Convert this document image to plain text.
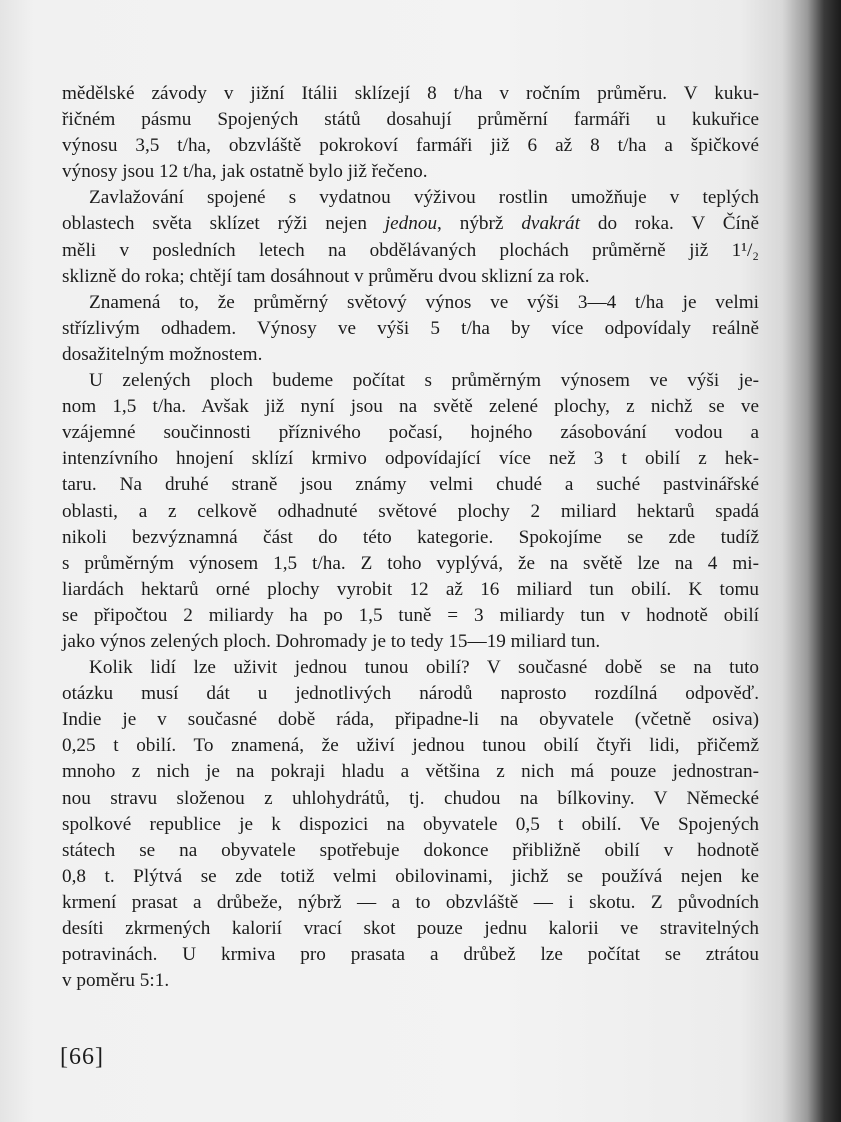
mědělské závody v jižní Itálii sklízejí 8 t/ha v ročním průměru. V kuku-
řičném pásmu Spojených států dosahují průměrní farmáři u kukuřice
výnosu 3,5 t/ha, obzvláště pokrokoví farmáři již 6 až 8 t/ha a špičkové
výnosy jsou 12 t/ha, jak ostatně bylo již řečeno.
Zavlažování spojené s vydatnou výživou rostlin umožňuje v teplých
oblastech světa sklízet rýži nejen jednou, nýbrž dvakrát do roka. V Číně
měli v posledních letech na obdělávaných plochách průměrně již 1¹/₂
sklizně do roka; chtějí tam dosáhnout v průměru dvou sklizní za rok.
Znamená to, že průměrný světový výnos ve výši 3—4 t/ha je velmi
střízlivým odhadem. Výnosy ve výši 5 t/ha by více odpovídaly reálně
dosažitelným možnostem.
U zelených ploch budeme počítat s průměrným výnosem ve výši je-
nom 1,5 t/ha. Avšak již nyní jsou na světě zelené plochy, z nichž se ve
vzájemné součinnosti příznivého počasí, hojného zásobování vodou a
intenzívního hnojení sklízí krmivo odpovídající více než 3 t obilí z hek-
taru. Na druhé straně jsou známy velmi chudé a suché pastvinářské
oblasti, a z celkově odhadnuté světové plochy 2 miliard hektarů spadá
nikoli bezvýznamná část do této kategorie. Spokojíme se zde tudíž
s průměrným výnosem 1,5 t/ha. Z toho vyplývá, že na světě lze na 4 mi-
liardách hektarů orné plochy vyrobit 12 až 16 miliard tun obilí. K tomu
se připočtou 2 miliardy ha po 1,5 tuně = 3 miliardy tun v hodnotě obilí
jako výnos zelených ploch. Dohromady je to tedy 15—19 miliard tun.
Kolik lidí lze uživit jednou tunou obilí? V současné době se na tuto
otázku musí dát u jednotlivých národů naprosto rozdílná odpověď.
Indie je v současné době ráda, připadne-li na obyvatele (včetně osiva)
0,25 t obilí. To znamená, že uživí jednou tunou obilí čtyři lidi, přičemž
mnoho z nich je na pokraji hladu a většina z nich má pouze jednostran-
nou stravu složenou z uhlohydrátů, tj. chudou na bílkoviny. V Německé
spolkové republice je k dispozici na obyvatele 0,5 t obilí. Ve Spojených
státech se na obyvatele spotřebuje dokonce přibližně obilí v hodnotě
0,8 t. Plýtvá se zde totiž velmi obilovinami, jichž se používá nejen ke
krmení prasat a drůbeže, nýbrž — a to obzvláště — i skotu. Z původních
desíti zkrmených kalorií vrací skot pouze jednu kalorii ve stravitelných
potravinách. U krmiva pro prasata a drůbež lze počítat se ztrátou
v poměru 5:1.
[66]
